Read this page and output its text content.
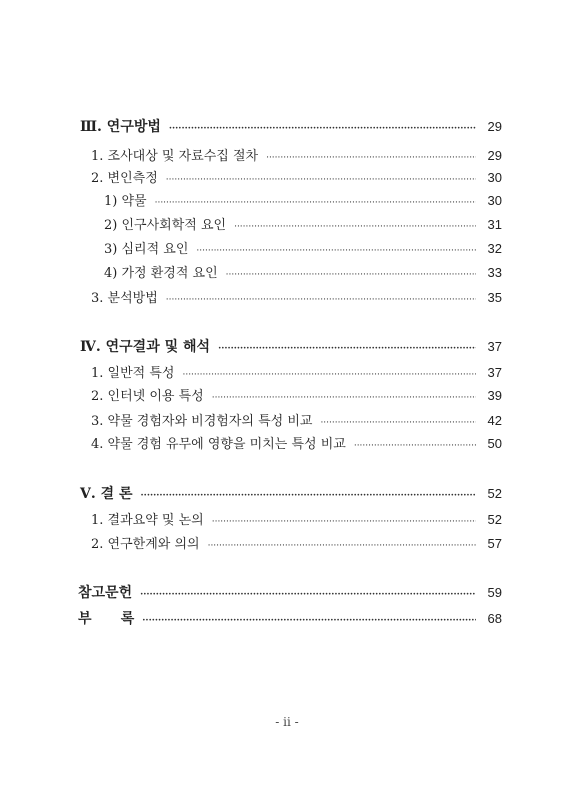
Ⅲ. 연구방법 ·····	29
1. 조사대상 및 자료수집 절차 ·····	29
2. 변인측정 ·····	30
1) 약물 ·····	30
2) 인구사회학적 요인 ·····	31
3) 심리적 요인 ·····	32
4) 가정 환경적 요인 ·····	33
3. 분석방법 ·····	35
Ⅳ. 연구결과 및 해석 ·····	37
1. 일반적 특성 ·····	37
2. 인터넷 이용 특성 ·····	39
3. 약물 경험자와 비경험자의 특성 비교 ·····	42
4. 약물 경험 유무에 영향을 미치는 특성 비교 ·····	50
Ⅴ. 결 론 ·····	52
1. 결과요약 및 논의 ·····	52
2. 연구한계와 의의 ·····	57
참고문헌 ·····	59
부      록 ·····	68
- ii -
